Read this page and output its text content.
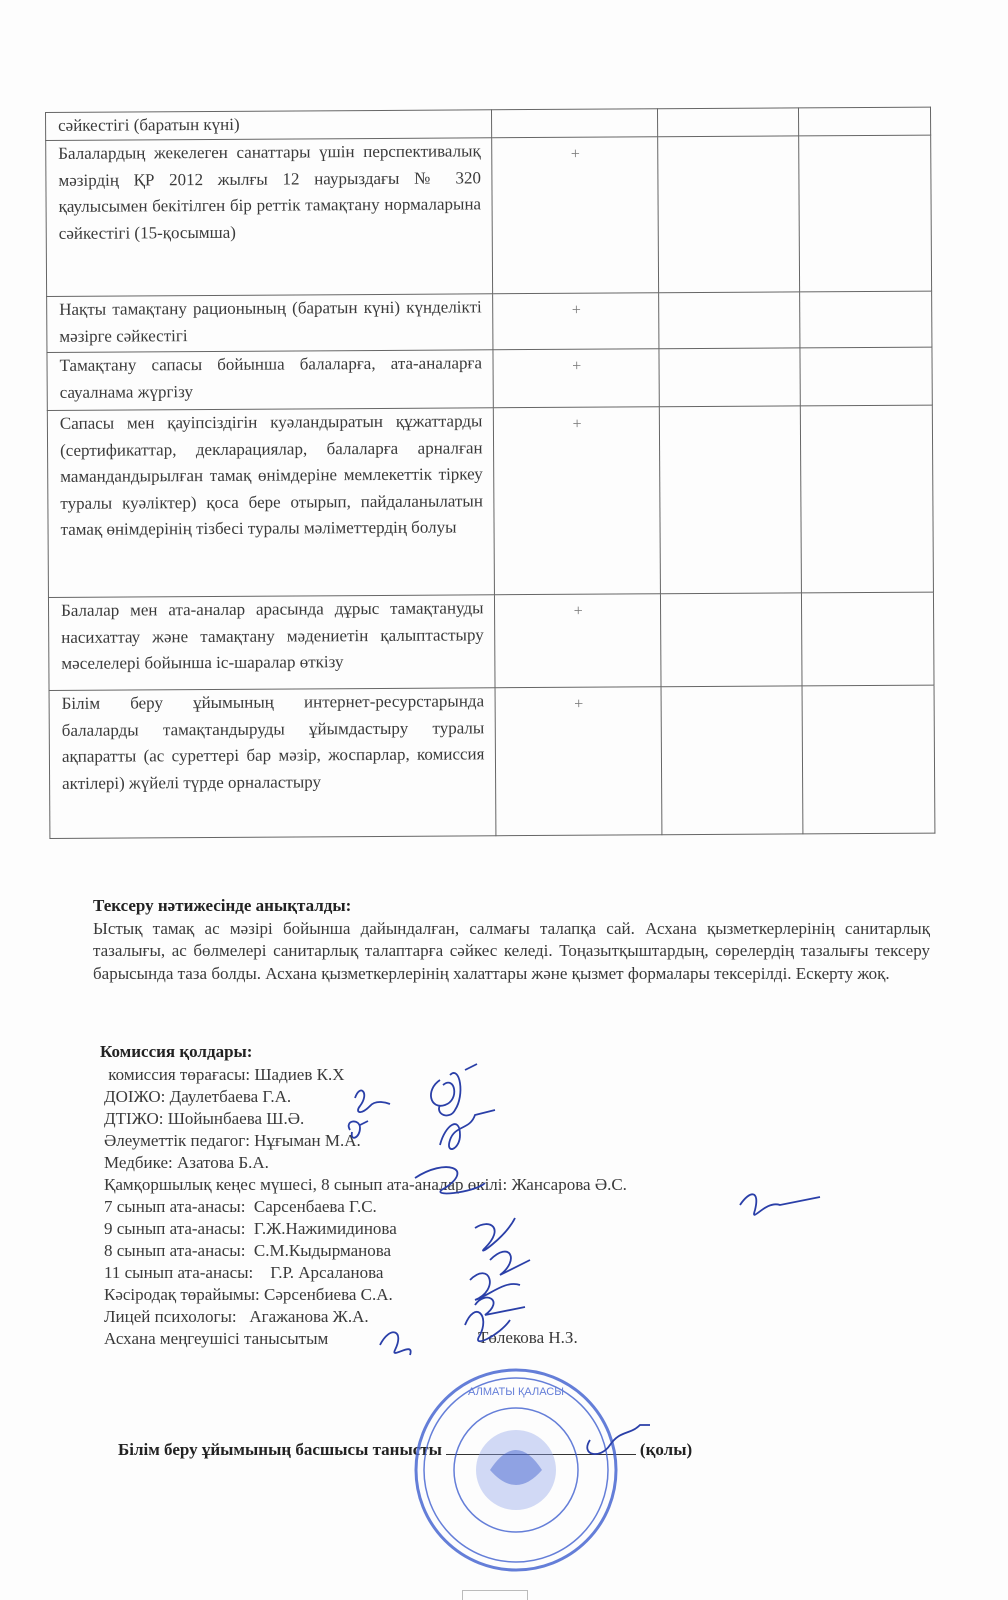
сәйкестігі (баратын күні)			
Балалардың жекелеген санаттары үшін перспективалық мәзірдің ҚР 2012 жылғы 12 наурыздағы № 320 қаулысымен бекітілген бір реттік тамақтану нормаларына сәйкестігі (15-қосымша)	+		
Нақты тамақтану рационының (баратын күні) күнделікті мәзірге сәйкестігі	+		
Тамақтану сапасы бойынша балаларға, ата-аналарға сауалнама жүргізу	+		
Сапасы мен қауіпсіздігін куәландыратын құжаттарды (сертификаттар, декларациялар, балаларға арналған мамандандырылған тамақ өнімдеріне мемлекеттік тіркеу туралы куәліктер) қоса бере отырып, пайдаланылатын тамақ өнімдерінің тізбесі туралы мәліметтердің болуы	+		
Балалар мен ата-аналар арасында дұрыс тамақтануды насихаттау және тамақтану мәдениетін қалыптастыру мәселелері бойынша іс-шаралар өткізу	+		
Білім беру ұйымының интернет-ресурстарында балаларды тамақтандыруды ұйымдастыру туралы ақпаратты (ас суреттері бар мәзір, жоспарлар, комиссия актілері) жүйелі түрде орналастыру	+		
Тексеру нәтижесінде анықталды:
Ыстық тамақ ас мәзірі бойынша дайындалған, салмағы талапқа сай. Асхана қызметкерлерінің санитарлық тазалығы, ас бөлмелері санитарлық талаптарға сәйкес келеді. Тоңазытқыштардың, сөрелердің тазалығы тексеру барысында таза болды. Асхана қызметкерлерінің халаттары және қызмет формалары тексерілді. Ескерту жоқ.
Комиссия қолдары:
комиссия төрағасы: Шадиев К.Х
ДОІЖО: Даулетбаева Г.А.
ДТІЖО: Шойынбаева Ш.Ә.
Әлеуметтік педагог: Нұғыман М.А.
Медбике: Азатова Б.А.
Қамқоршылық кеңес мүшесі, 8 сынып ата-аналар өкілі: Жансарова Ә.С.
7 сынып ата-анасы:  Сарсенбаева Г.С.
9 сынып ата-анасы:  Г.Ж.Нажимидинова
8 сынып ата-анасы:  С.М.Кыдырманова
11 сынып ата-анасы:    Г.Р. Арсаланова
Кәсіродақ төрайымы: Сәрсенбиева С.А.
Лицей психологы:   Агажанова Ж.А.
Асхана меңгеушісі танысытым	Төлекова Н.З.
Білім беру ұйымының басшысы танысты	(қолы)
АЛМАТЫ ҚАЛАСЫ
